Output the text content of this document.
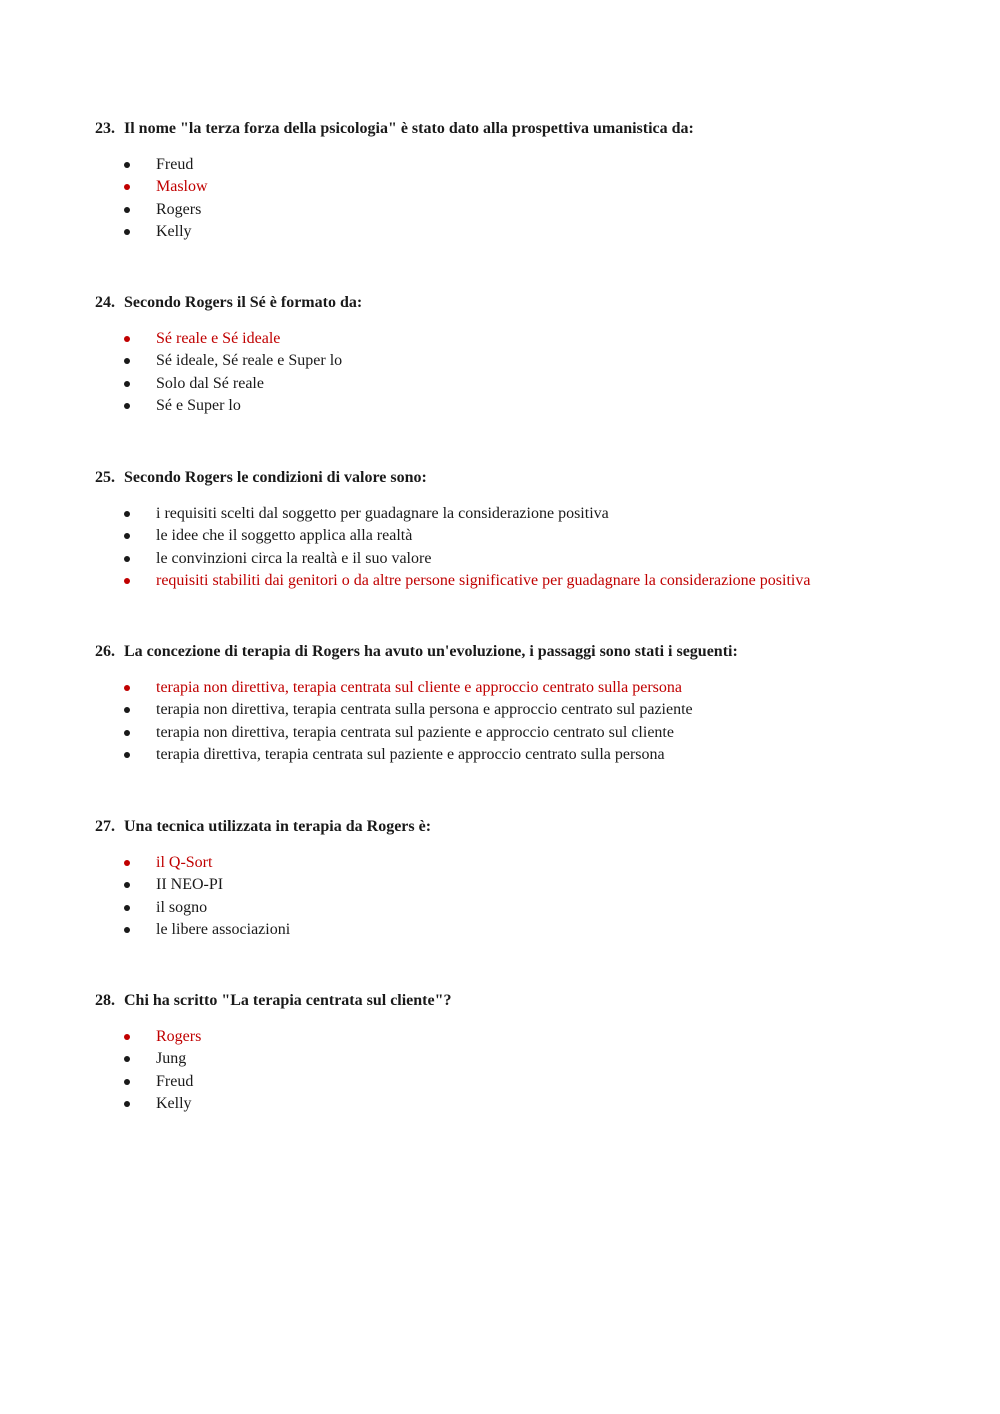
23. Il nome "la terza forza della psicologia" è stato dato alla prospettiva umanistica da:

Freud
Maslow
Rogers
Kelly

24. Secondo Rogers il Sé è formato da:

Sé reale e Sé ideale
Sé ideale, Sé reale e Super lo
Solo dal Sé reale
Sé e Super lo

25. Secondo Rogers le condizioni di valore sono:

i requisiti scelti dal soggetto per guadagnare la considerazione positiva
le idee che il soggetto applica alla realtà
le convinzioni circa la realtà e il suo valore
requisiti stabiliti dai genitori o da altre persone significative per guadagnare la considerazione positiva

26. La concezione di terapia di Rogers ha avuto un'evoluzione, i passaggi sono stati i seguenti:

terapia non direttiva, terapia centrata sul cliente e approccio centrato sulla persona
terapia non direttiva, terapia centrata sulla persona e approccio centrato sul paziente
terapia non direttiva, terapia centrata sul paziente e approccio centrato sul cliente
terapia direttiva, terapia centrata sul paziente e approccio centrato sulla persona

27. Una tecnica utilizzata in terapia da Rogers è:

il Q-Sort
II NEO-PI
il sogno
le libere associazioni

28. Chi ha scritto "La terapia centrata sul cliente"?

Rogers
Jung
Freud
Kelly
